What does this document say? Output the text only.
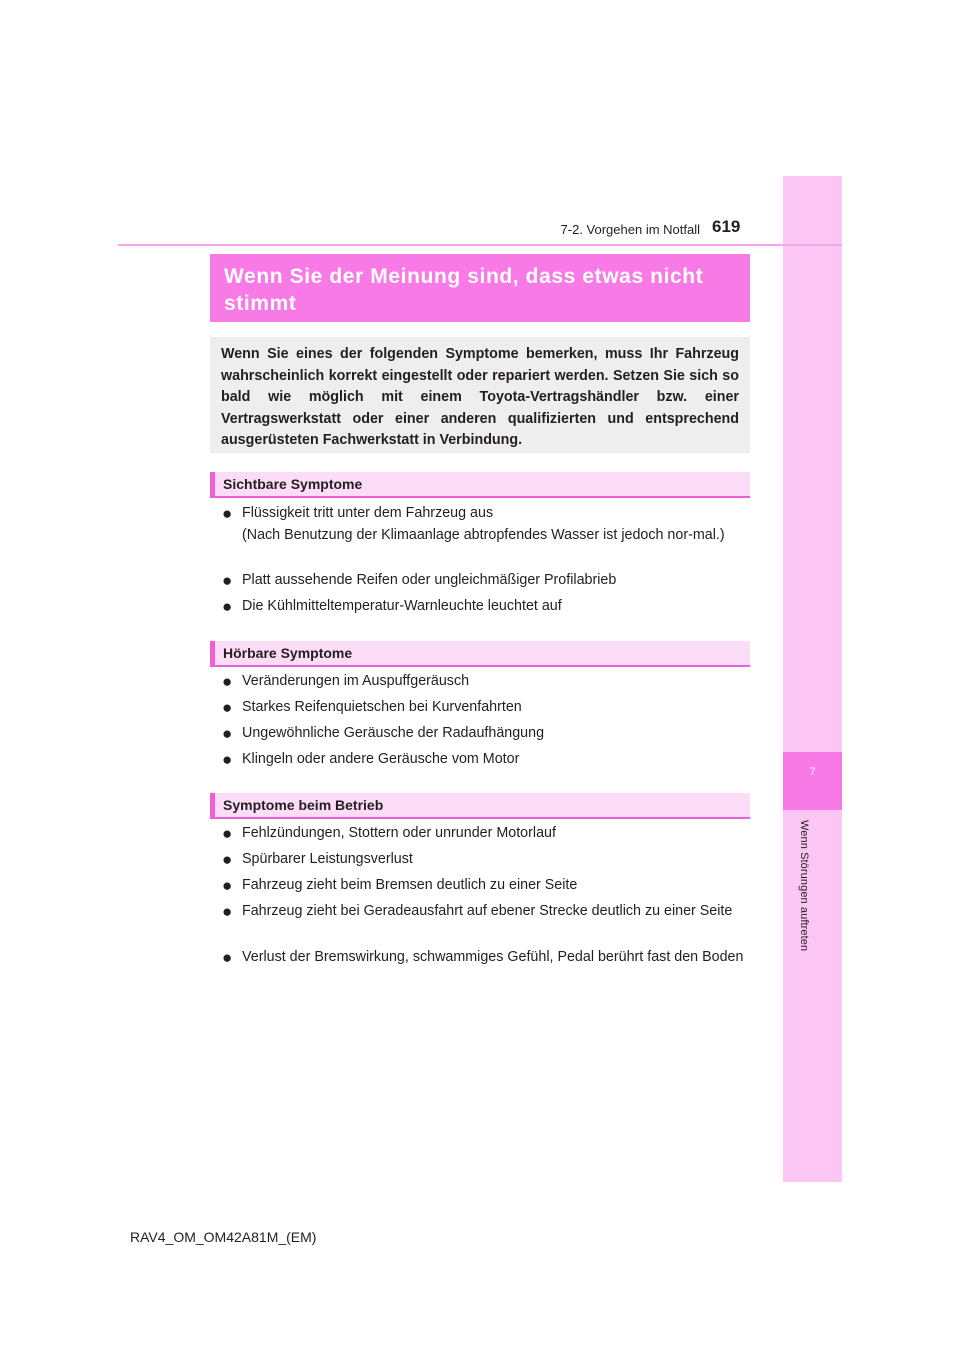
7
Wenn Störungen auftreten
7-2. Vorgehen im Notfall 619
Wenn Sie der Meinung sind, dass etwas nicht stimmt
Wenn Sie eines der folgenden Symptome bemerken, muss Ihr Fahrzeug wahrscheinlich korrekt eingestellt oder repariert werden. Setzen Sie sich so bald wie möglich mit einem Toyota-Vertragshändler bzw. einer Vertragswerkstatt oder einer anderen qualifizierten und entsprechend ausgerüsteten Fachwerkstatt in Verbindung.
Sichtbare Symptome
● Flüssigkeit tritt unter dem Fahrzeug aus
(Nach Benutzung der Klimaanlage abtropfendes Wasser ist jedoch nor-mal.)
● Platt aussehende Reifen oder ungleichmäßiger Profilabrieb
● Die Kühlmitteltemperatur-Warnleuchte leuchtet auf
Hörbare Symptome
● Veränderungen im Auspuffgeräusch
● Starkes Reifenquietschen bei Kurvenfahrten
● Ungewöhnliche Geräusche der Radaufhängung
● Klingeln oder andere Geräusche vom Motor
Symptome beim Betrieb
● Fehlzündungen, Stottern oder unrunder Motorlauf
● Spürbarer Leistungsverlust
● Fahrzeug zieht beim Bremsen deutlich zu einer Seite
● Fahrzeug zieht bei Geradeausfahrt auf ebener Strecke deutlich zu einer Seite
● Verlust der Bremswirkung, schwammiges Gefühl, Pedal berührt fast den Boden
RAV4_OM_OM42A81M_(EM)
